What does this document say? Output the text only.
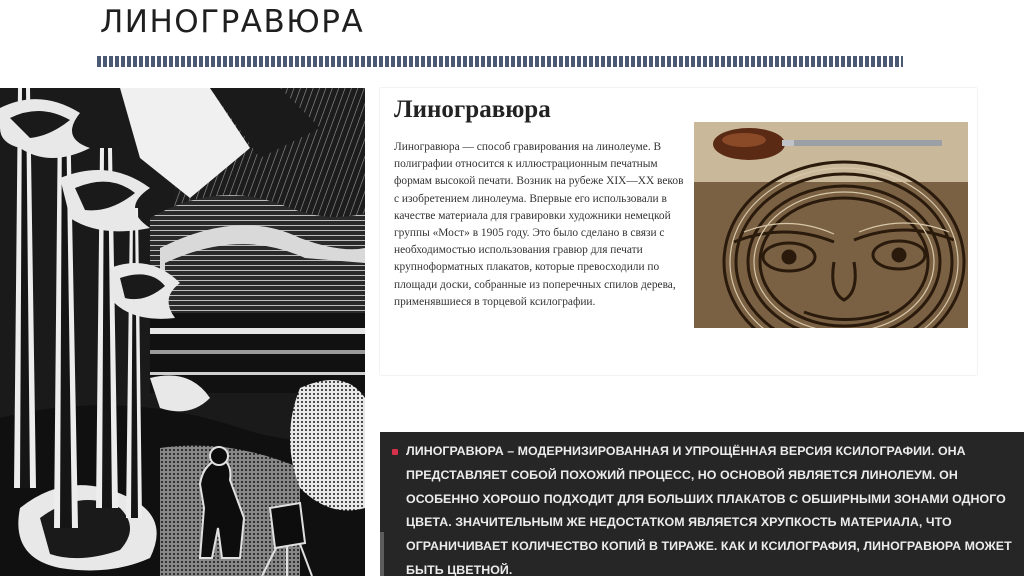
ЛИНОГРАВЮРА
Линогравюра
Линогравюра — способ гравирования на линолеуме. В полиграфии относится к иллюстрационным печатным формам высокой печати. Возник на рубеже XIX—XX веков с изобретением линолеума. Впервые его использовали в качестве материала для гравировки художники немецкой группы «Мост» в 1905 году. Это было сделано в связи с необходимостью использования гравюр для печати крупноформатных плакатов, которые превосходили по площади доски, собранные из поперечных спилов дерева, применявшиеся в торцевой ксилографии.

ЛИНОГРАВЮРА – МОДЕРНИЗИРОВАННАЯ И УПРОЩЁННАЯ ВЕРСИЯ КСИЛОГРАФИИ. ОНА ПРЕДСТАВЛЯЕТ СОБОЙ ПОХОЖИЙ ПРОЦЕСС, НО ОСНОВОЙ ЯВЛЯЕТСЯ ЛИНОЛЕУМ. ОН ОСОБЕННО ХОРОШО ПОДХОДИТ ДЛЯ БОЛЬШИХ ПЛАКАТОВ С ОБШИРНЫМИ ЗОНАМИ ОДНОГО ЦВЕТА. ЗНАЧИТЕЛЬНЫМ ЖЕ НЕДОСТАТКОМ ЯВЛЯЕТСЯ ХРУПКОСТЬ МАТЕРИАЛА, ЧТО ОГРАНИЧИВАЕТ КОЛИЧЕСТВО КОПИЙ В ТИРАЖЕ. КАК И КСИЛОГРАФИЯ, ЛИНОГРАВЮРА МОЖЕТ БЫТЬ ЦВЕТНОЙ.
